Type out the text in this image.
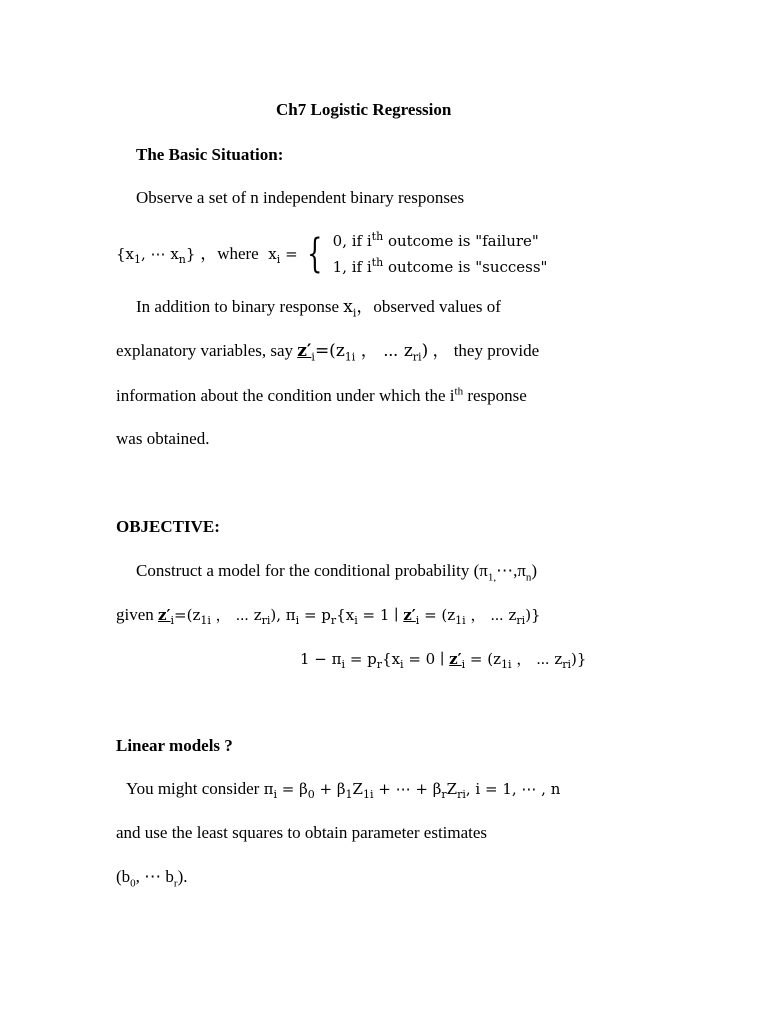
Ch7 Logistic Regression
The Basic Situation:
Observe a set of n independent binary responses
{$x_1$, ⋯ $x_n$} ，where $x_i$ = { 0, if $i^{th}$ outcome is "failure"
1, if $i^{th}$ outcome is "success"
In addition to binary response $x_i$，observed values of
explanatory variables, say $z'_i=(z_{1i}$ ， ⋯ $z_{ri}$) ， they provide
information about the condition under which the $i^{th}$ response
was obtained.
OBJECTIVE:
Construct a model for the conditional probability $(\pi_{1,}\cdots,\pi_n)$
given $z'_i=(z_{1i}$ ， ⋯ $z_{ri}$), $\pi_i = p_r\{x_i = 1$ ∣ $z'_i = (z_{1i}$ ， ⋯ $z_{ri}$)}
$1 - \pi_i = p_r\{x_i = 0$ ∣ $z'_i = (z_{1i}$ ， ⋯ $z_{ri}$)}
Linear models ?
You might consider $\pi_i = \beta_0 + \beta_1Z_{1i}$ + ⋯ + $\beta_rZ_{ri}$, i = 1, ⋯ , n
and use the least squares to obtain parameter estimates
($b_0$, ⋯ $b_r$).
